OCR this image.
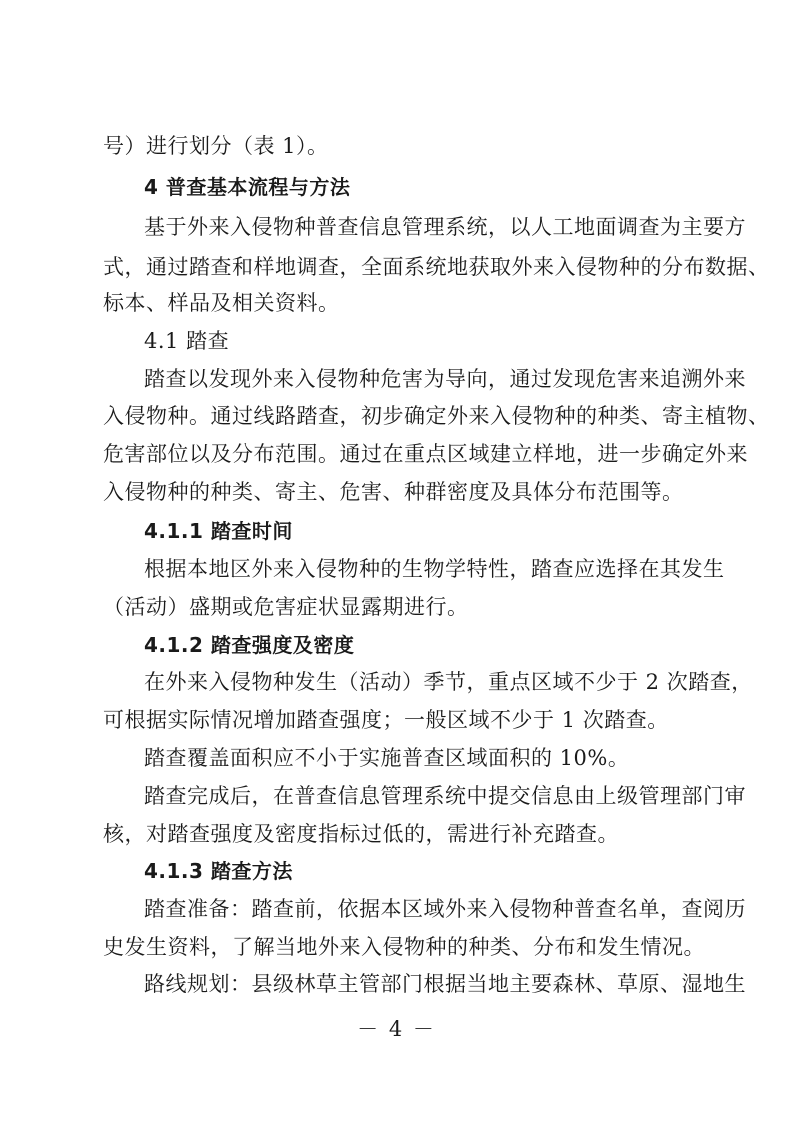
号）进行划分（表 1）。
4 普查基本流程与方法
基于外来入侵物种普查信息管理系统，以人工地面调查为主要方
式，通过踏查和样地调查，全面系统地获取外来入侵物种的分布数据、
标本、样品及相关资料。
4.1 踏查
踏查以发现外来入侵物种危害为导向，通过发现危害来追溯外来
入侵物种。通过线路踏查，初步确定外来入侵物种的种类、寄主植物、
危害部位以及分布范围。通过在重点区域建立样地，进一步确定外来
入侵物种的种类、寄主、危害、种群密度及具体分布范围等。
4.1.1 踏查时间
根据本地区外来入侵物种的生物学特性，踏查应选择在其发生
（活动）盛期或危害症状显露期进行。
4.1.2 踏查强度及密度
在外来入侵物种发生（活动）季节，重点区域不少于 2 次踏查，
可根据实际情况增加踏查强度；一般区域不少于 1 次踏查。
踏查覆盖面积应不小于实施普查区域面积的 10%。
踏查完成后，在普查信息管理系统中提交信息由上级管理部门审
核，对踏查强度及密度指标过低的，需进行补充踏查。
4.1.3 踏查方法
踏查准备：踏查前，依据本区域外来入侵物种普查名单，查阅历
史发生资料，了解当地外来入侵物种的种类、分布和发生情况。
路线规划：县级林草主管部门根据当地主要森林、草原、湿地生
－ 4 －
